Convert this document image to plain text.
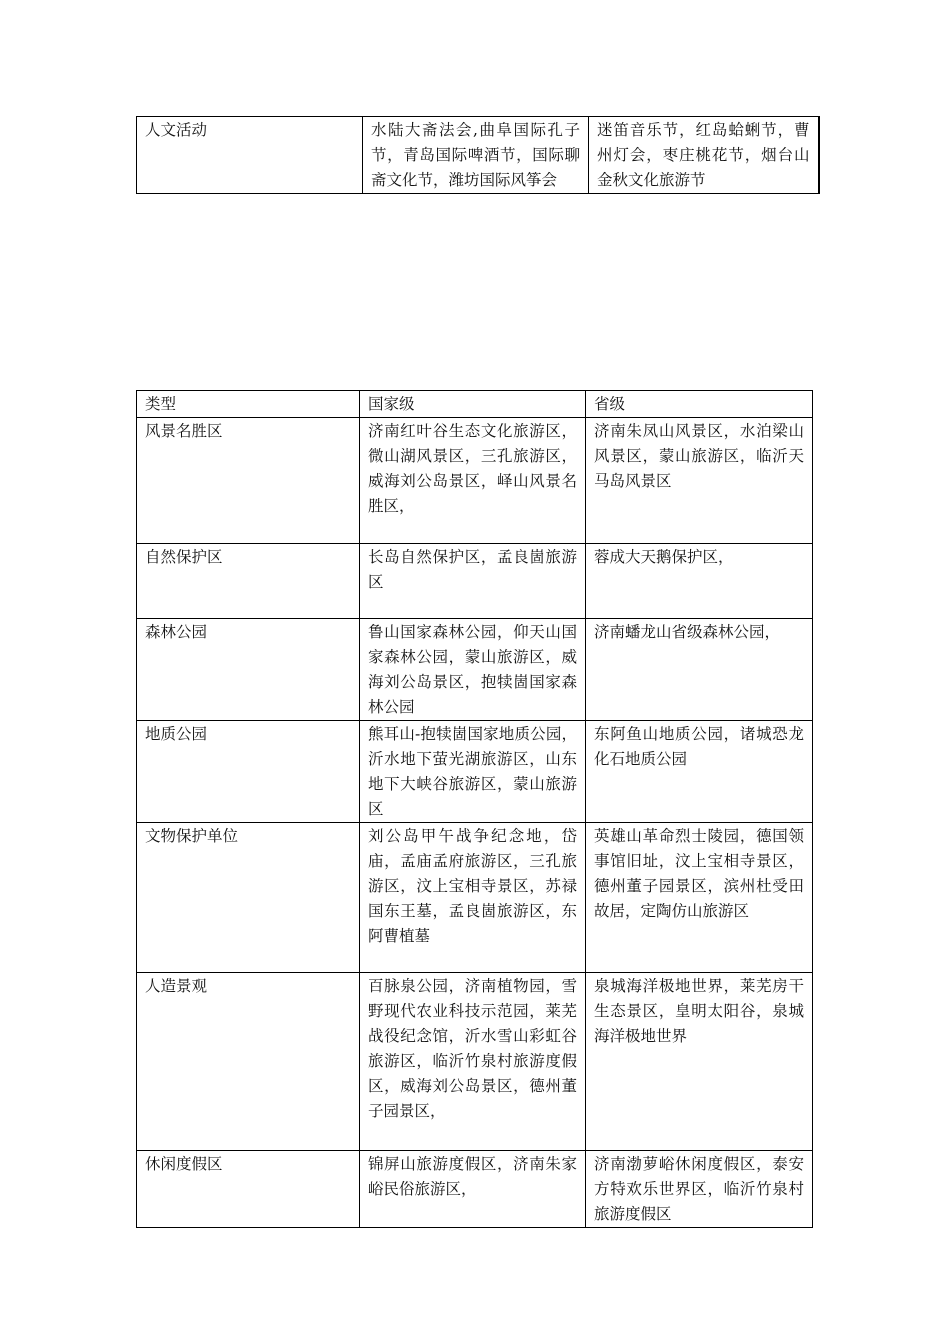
人文活动	水陆大斋法会,曲阜国际孔子节，青岛国际啤酒节，国际聊斋文化节，潍坊国际风筝会	迷笛音乐节，红岛蛤蜊节，曹州灯会，枣庄桃花节，烟台山金秋文化旅游节
类型	国家级	省级
风景名胜区	济南红叶谷生态文化旅游区，微山湖风景区，三孔旅游区，威海刘公岛景区，峄山风景名胜区，	济南朱凤山风景区，水泊梁山风景区，蒙山旅游区，临沂天马岛风景区
自然保护区	长岛自然保护区，孟良崮旅游区	蓉成大天鹅保护区，
森林公园	鲁山国家森林公园，仰天山国家森林公园，蒙山旅游区，威海刘公岛景区，抱犊崮国家森林公园	济南蟠龙山省级森林公园，
地质公园	熊耳山-抱犊崮国家地质公园，沂水地下萤光湖旅游区，山东地下大峡谷旅游区，蒙山旅游区	东阿鱼山地质公园，诸城恐龙化石地质公园
文物保护单位	刘公岛甲午战争纪念地，岱庙，孟庙孟府旅游区，三孔旅游区，汶上宝相寺景区，苏禄国东王墓，孟良崮旅游区，东阿曹植墓	英雄山革命烈士陵园，德国领事馆旧址，汶上宝相寺景区，德州董子园景区，滨州杜受田故居，定陶仿山旅游区
人造景观	百脉泉公园，济南植物园，雪野现代农业科技示范园，莱芜战役纪念馆，沂水雪山彩虹谷旅游区，临沂竹泉村旅游度假区，威海刘公岛景区，德州董子园景区，	泉城海洋极地世界，莱芜房干生态景区，皇明太阳谷，泉城海洋极地世界
休闲度假区	锦屏山旅游度假区，济南朱家峪民俗旅游区，	济南渤萝峪休闲度假区，泰安方特欢乐世界区，临沂竹泉村旅游度假区
